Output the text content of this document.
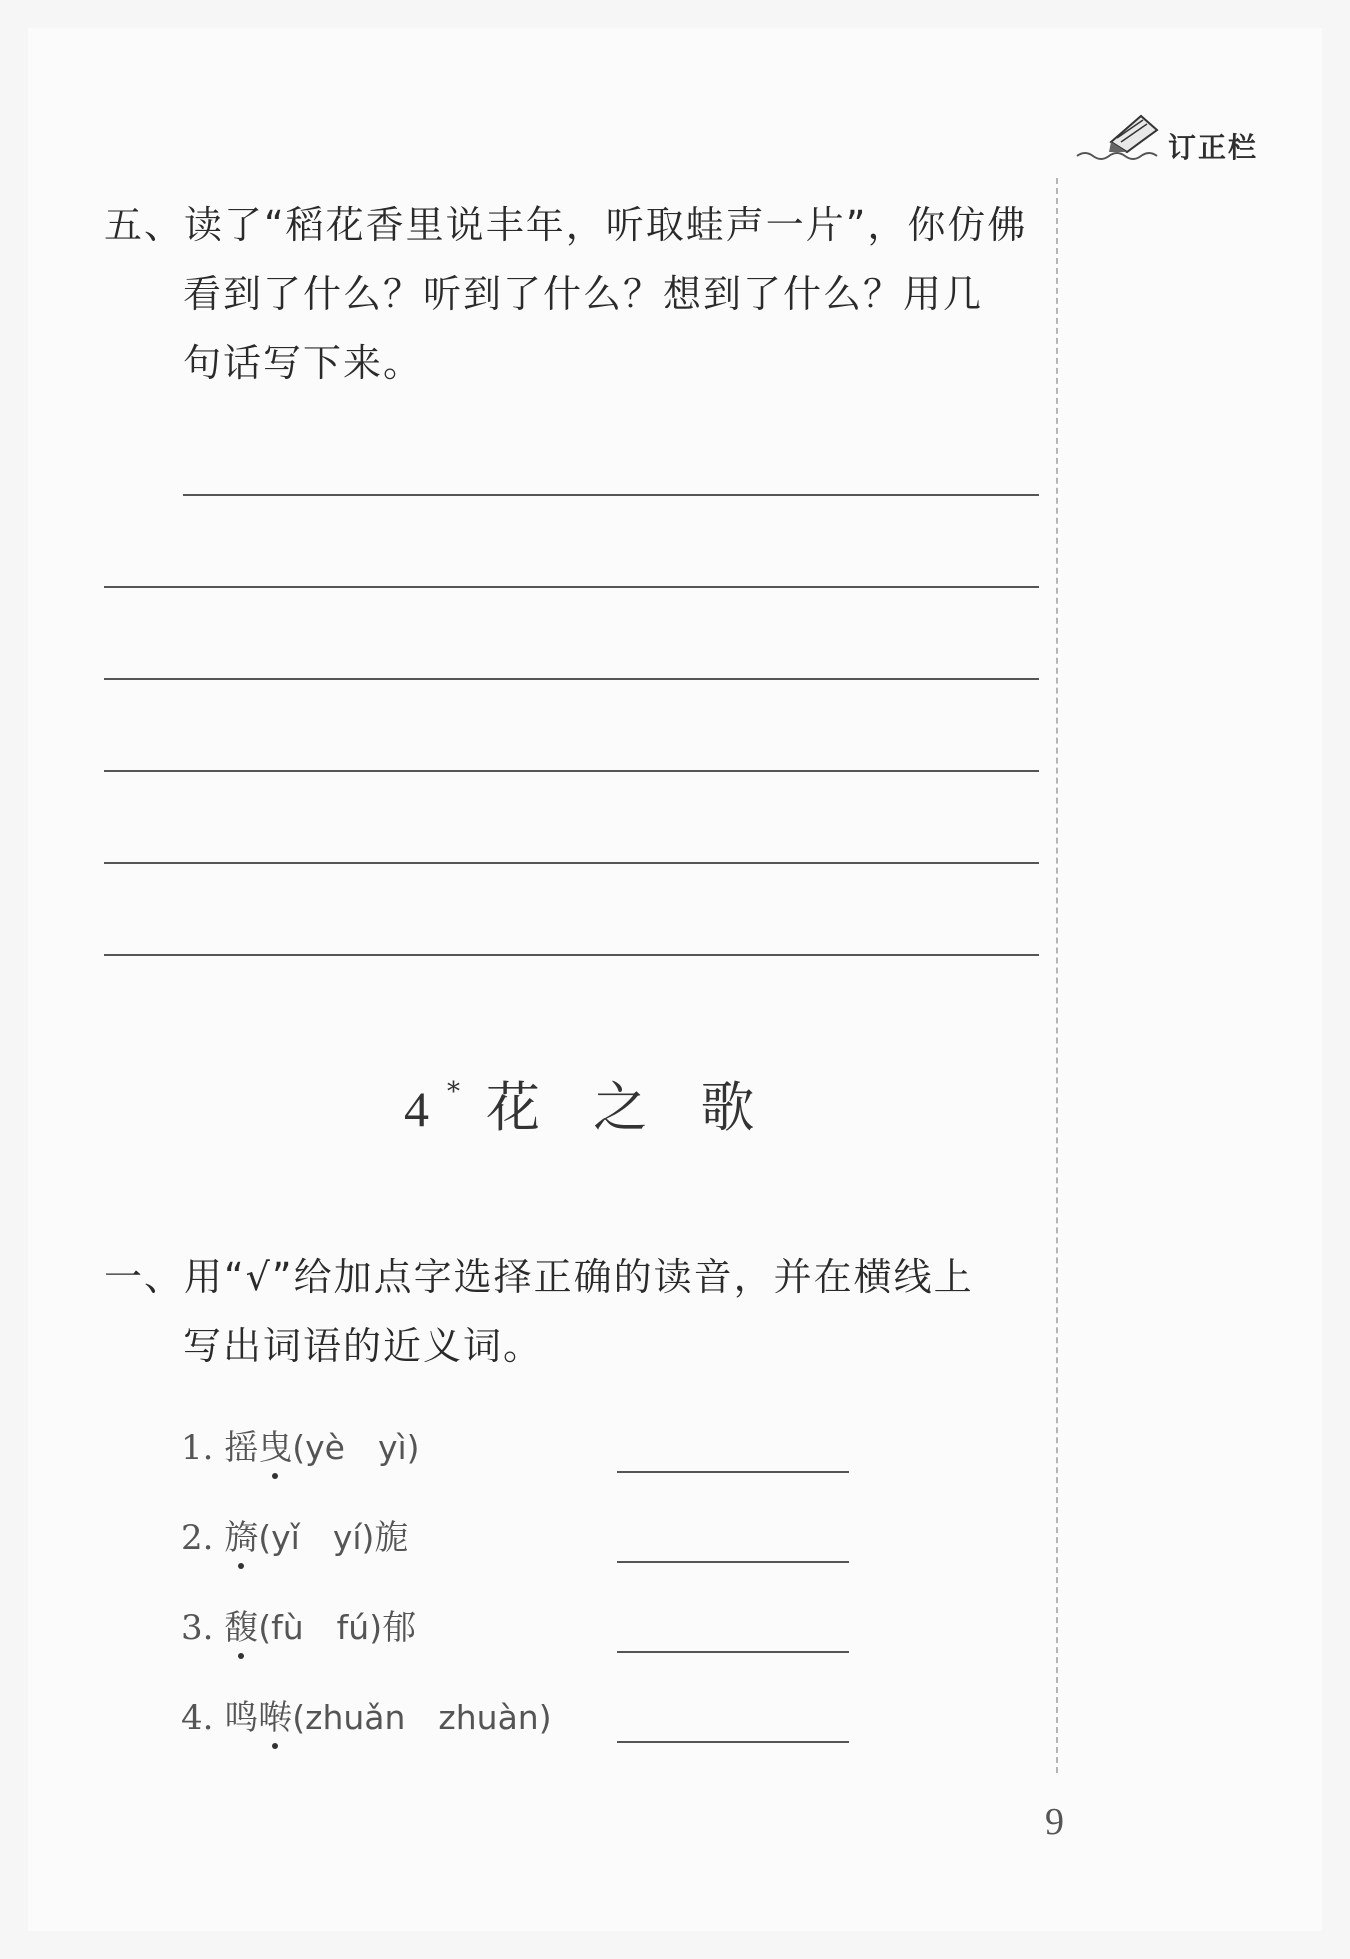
订正栏
五、读了“稻花香里说丰年，听取蛙声一片”，你仿佛
看到了什么？听到了什么？想到了什么？用几
句话写下来。
4*花 之 歌
一、用“√”给加点字选择正确的读音，并在横线上
写出词语的近义词。
1. 摇曳(yè　yì)
2. 旖(yǐ　yí)旎
3. 馥(fù　fú)郁
4. 鸣啭(zhuǎn　zhuàn)
9
